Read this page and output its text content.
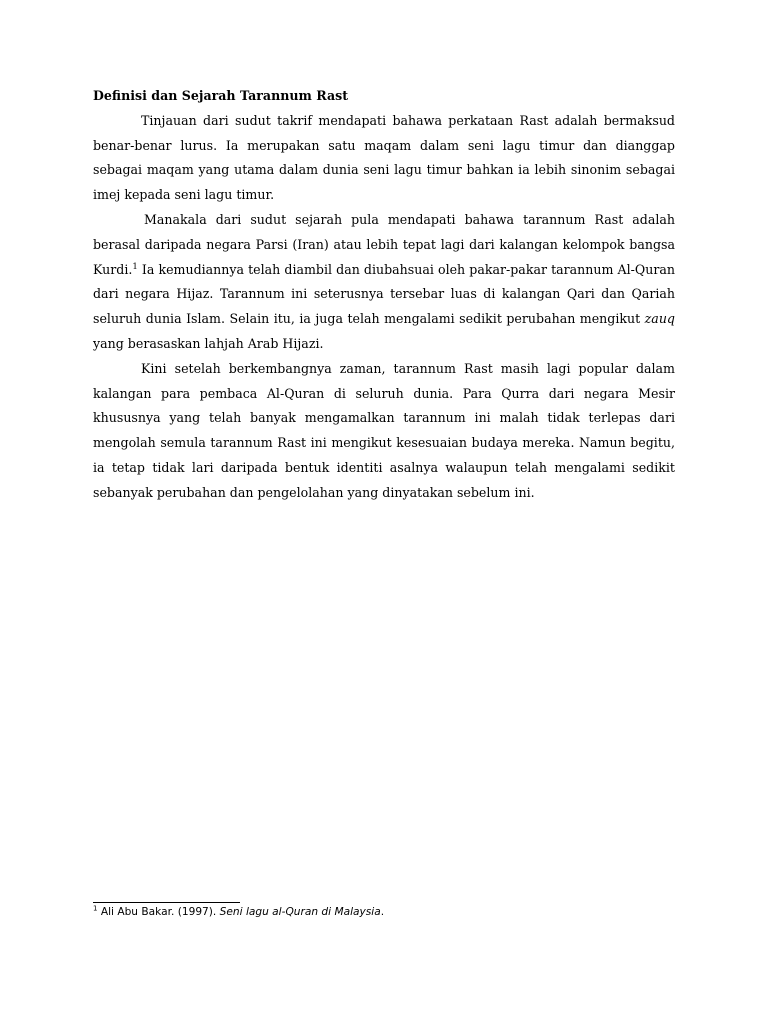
Definisi dan Sejarah Tarannum Rast

Tinjauan dari sudut takrif mendapati bahawa perkataan Rast adalah bermaksud benar-benar lurus. Ia merupakan satu maqam dalam seni lagu timur dan dianggap sebagai maqam yang utama dalam dunia seni lagu timur bahkan ia lebih sinonim sebagai imej kepada seni lagu timur.

Manakala dari sudut sejarah pula mendapati bahawa tarannum Rast adalah berasal daripada negara Parsi (Iran) atau lebih tepat lagi dari kalangan kelompok bangsa Kurdi.$^1$ Ia kemudiannya telah diambil dan diubahsuai oleh pakar-pakar tarannum Al-Quran dari negara Hijaz. Tarannum ini seterusnya tersebar luas di kalangan Qari dan Qariah seluruh dunia Islam. Selain itu, ia juga telah mengalami sedikit perubahan mengikut zauq yang berasaskan lahjah Arab Hijazi.

Kini setelah berkembangnya zaman, tarannum Rast masih lagi popular dalam kalangan para pembaca Al-Quran di seluruh dunia. Para Qurra dari negara Mesir khususnya yang telah banyak mengamalkan tarannum ini malah tidak terlepas dari mengolah semula tarannum Rast ini mengikut kesesuaian budaya mereka. Namun begitu, ia tetap tidak lari daripada bentuk identiti asalnya walaupun telah mengalami sedikit sebanyak perubahan dan pengelolahan yang dinyatakan sebelum ini.

$^1$ Ali Abu Bakar. (1997). Seni lagu al-Quran di Malaysia.
